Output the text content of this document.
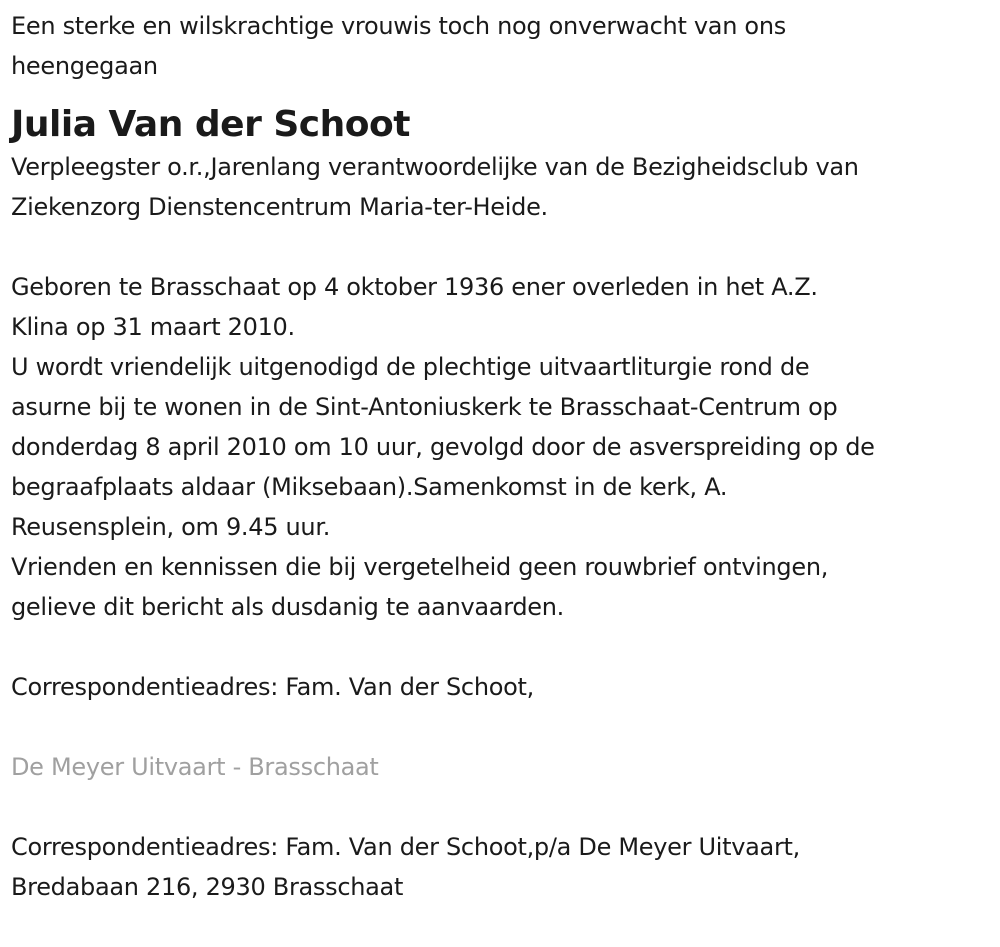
Een sterke en wilskrachtige vrouwis toch nog onverwacht van ons
heengegaan
Julia Van der Schoot
Verpleegster o.r.,Jarenlang verantwoordelijke van de Bezigheidsclub van
Ziekenzorg Dienstencentrum Maria-ter-Heide.
Geboren te Brasschaat op 4 oktober 1936 ener overleden in het A.Z.
Klina op 31 maart 2010.
U wordt vriendelijk uitgenodigd de plechtige uitvaartliturgie rond de
asurne bij te wonen in de Sint-Antoniuskerk te Brasschaat-Centrum op
donderdag 8 april 2010 om 10 uur, gevolgd door de asverspreiding op de
begraafplaats aldaar (Miksebaan).Samenkomst in de kerk, A.
Reusensplein, om 9.45 uur.
Vrienden en kennissen die bij vergetelheid geen rouwbrief ontvingen,
gelieve dit bericht als dusdanig te aanvaarden.
Correspondentieadres: Fam. Van der Schoot,
De Meyer Uitvaart - Brasschaat
Correspondentieadres: Fam. Van der Schoot,p/a De Meyer Uitvaart,
Bredabaan 216, 2930 Brasschaat
